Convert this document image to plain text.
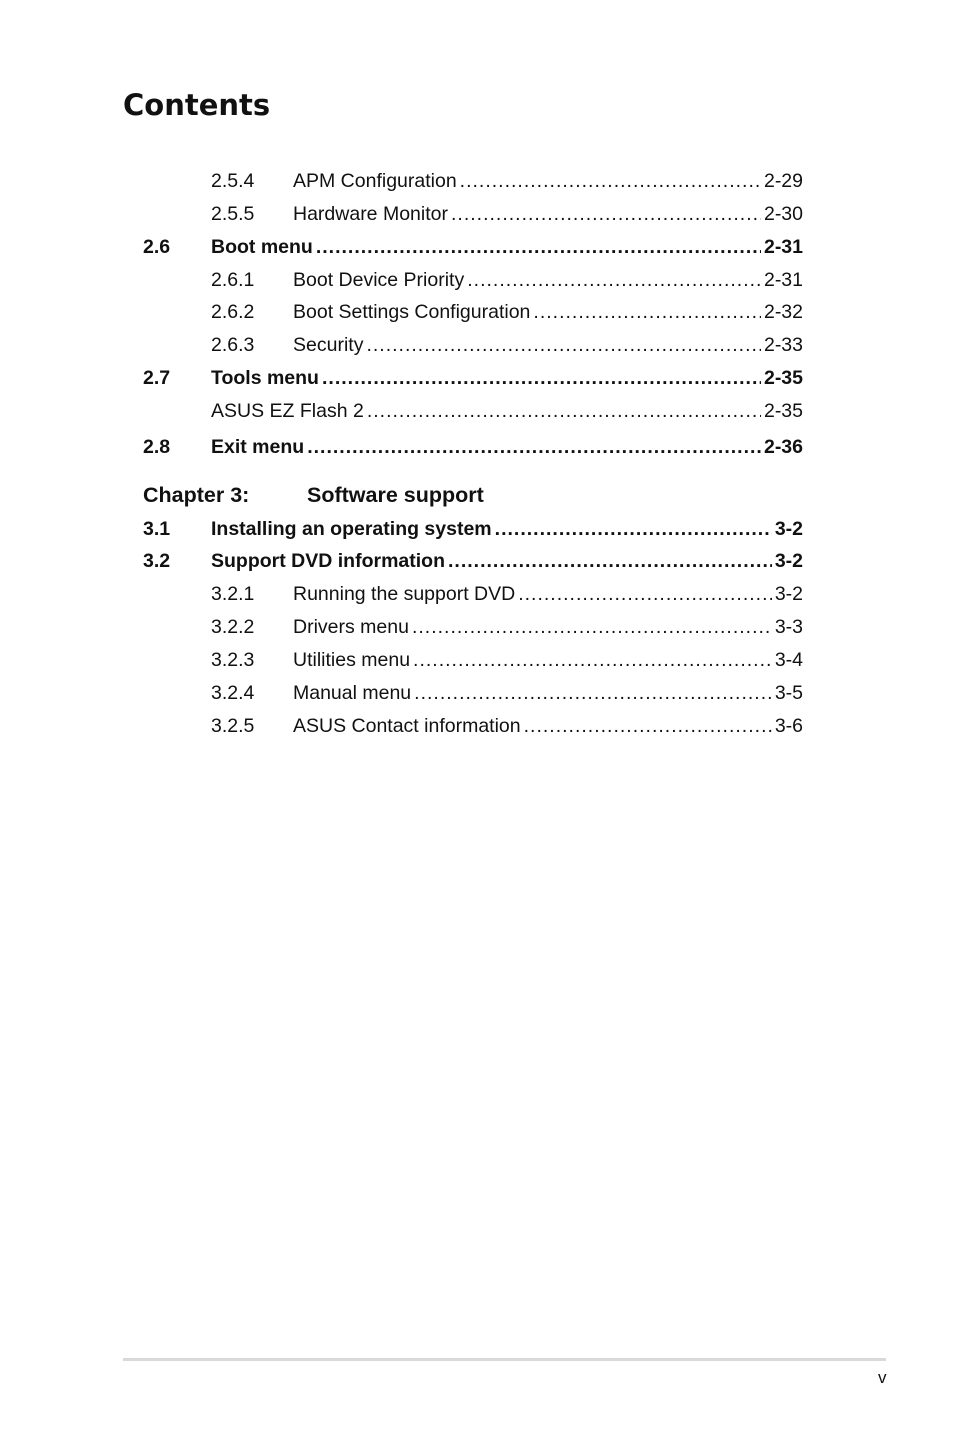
Contents
2.5.4 APM Configuration .....	2-29
2.5.5 Hardware Monitor .....	2-30
2.6 Boot menu .....	2-31
2.6.1 Boot Device Priority .....	2-31
2.6.2 Boot Settings Configuration .....	2-32
2.6.3 Security .....	2-33
2.7 Tools menu .....	2-35
ASUS EZ Flash 2 .....	2-35
2.8 Exit menu .....	2-36
Chapter 3:	Software support
3.1 Installing an operating system .....	3-2
3.2 Support DVD information .....	3-2
3.2.1 Running the support DVD .....	3-2
3.2.2 Drivers menu .....	3-3
3.2.3 Utilities menu .....	3-4
3.2.4 Manual menu .....	3-5
3.2.5 ASUS Contact information .....	3-6
v
